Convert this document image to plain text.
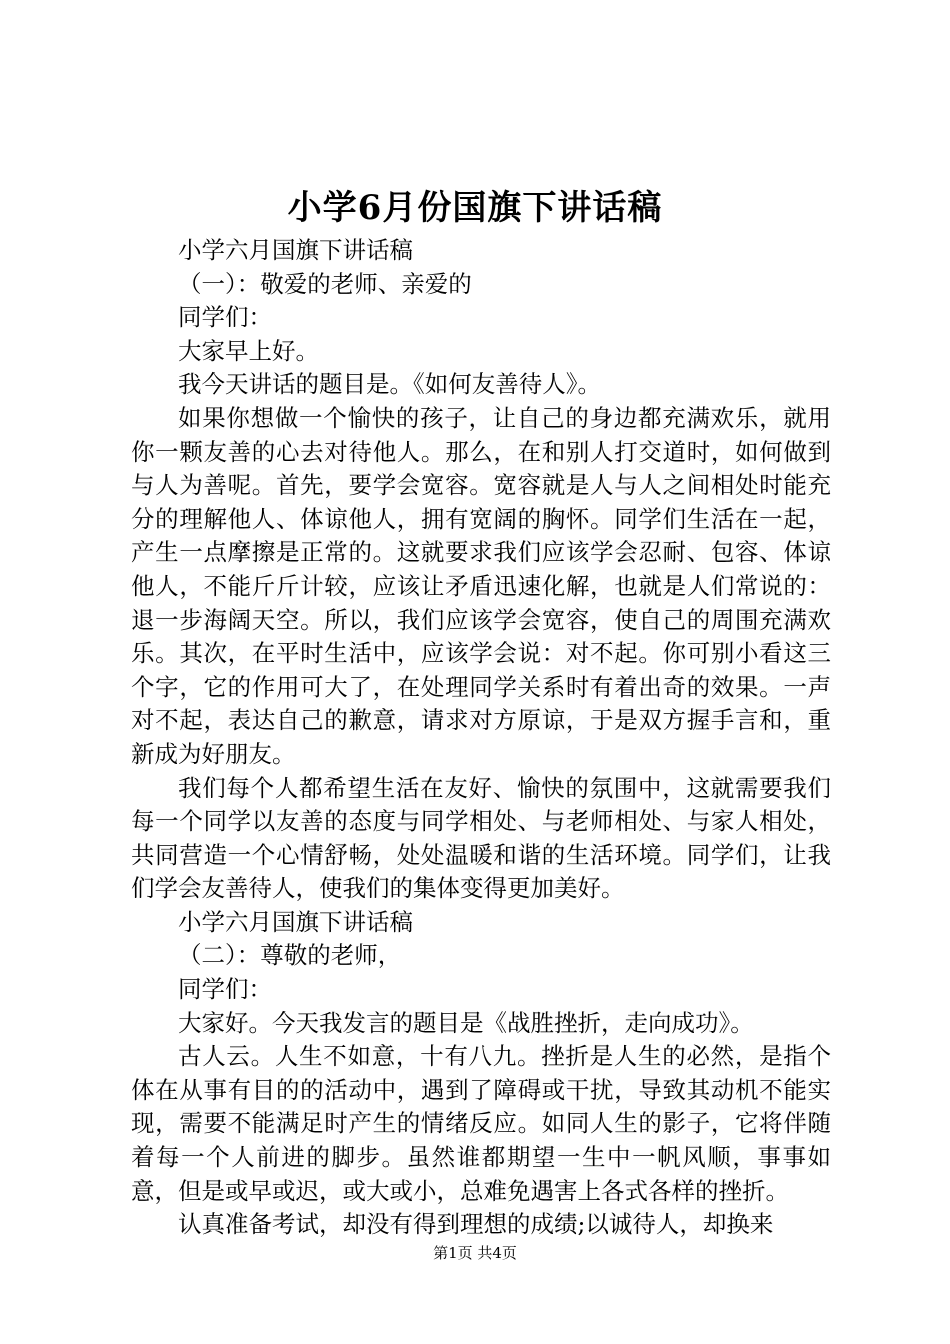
小学6月份国旗下讲话稿

小学六月国旗下讲话稿

（一）：敬爱的老师、亲爱的

同学们：

大家早上好。

我今天讲话的题目是。《如何友善待人》。

如果你想做一个愉快的孩子，让自己的身边都充满欢乐，就用你一颗友善的心去对待他人。那么，在和别人打交道时，如何做到与人为善呢。首先，要学会宽容。宽容就是人与人之间相处时能充分的理解他人、体谅他人，拥有宽阔的胸怀。同学们生活在一起，产生一点摩擦是正常的。这就要求我们应该学会忍耐、包容、体谅他人，不能斤斤计较，应该让矛盾迅速化解，也就是人们常说的：退一步海阔天空。所以，我们应该学会宽容，使自己的周围充满欢乐。其次，在平时生活中，应该学会说：对不起。你可别小看这三个字，它的作用可大了，在处理同学关系时有着出奇的效果。一声对不起，表达自己的歉意，请求对方原谅，于是双方握手言和，重新成为好朋友。

我们每个人都希望生活在友好、愉快的氛围中，这就需要我们每一个同学以友善的态度与同学相处、与老师相处、与家人相处，共同营造一个心情舒畅，处处温暖和谐的生活环境。同学们，让我们学会友善待人，使我们的集体变得更加美好。

小学六月国旗下讲话稿

（二）：尊敬的老师，

同学们：

大家好。今天我发言的题目是《战胜挫折，走向成功》。

古人云。人生不如意，十有八九。挫折是人生的必然，是指个体在从事有目的的活动中，遇到了障碍或干扰，导致其动机不能实现，需要不能满足时产生的情绪反应。如同人生的影子，它将伴随着每一个人前进的脚步。虽然谁都期望一生中一帆风顺，事事如意，但是或早或迟，或大或小，总难免遇害上各式各样的挫折。

认真准备考试，却没有得到理想的成绩;以诚待人，却换来

第1页 共4页
